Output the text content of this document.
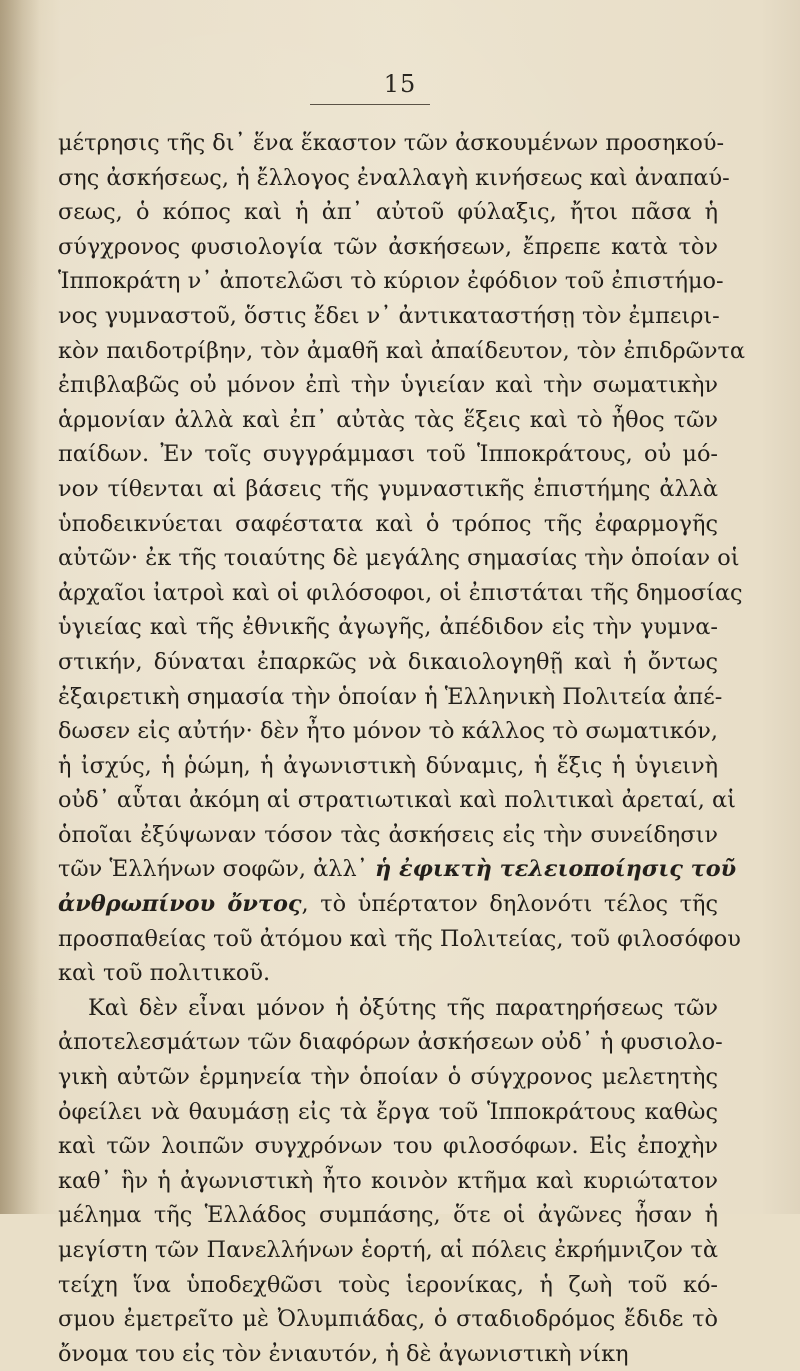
15
μέτρησις τῆς δι᾽ ἕνα ἕκαστον τῶν ἀσκουμένων προσηκού-
σης ἀσκήσεως, ἡ ἔλλογος ἐναλλαγὴ κινήσεως καὶ ἀναπαύ-
σεως, ὁ κόπος καὶ ἡ ἀπ᾽ αὐτοῦ φύλαξις, ἤτοι πᾶσα ἡ
σύγχρονος φυσιολογία τῶν ἀσκήσεων, ἔπρεπε κατὰ τὸν
Ἱπποκράτη ν᾽ ἀποτελῶσι τὸ κύριον ἐφόδιον τοῦ ἐπιστήμο-
νος γυμναστοῦ, ὅστις ἔδει ν᾽ ἀντικαταστήσῃ τὸν ἐμπειρι-
κὸν παιδοτρίβην, τὸν ἀμαθῆ καὶ ἀπαίδευτον, τὸν ἐπιδρῶντα
ἐπιβλαβῶς οὐ μόνον ἐπὶ τὴν ὑγιείαν καὶ τὴν σωματικὴν
ἁρμονίαν ἀλλὰ καὶ ἐπ᾽ αὐτὰς τὰς ἕξεις καὶ τὸ ἦθος τῶν
παίδων. Ἐν τοῖς συγγράμμασι τοῦ Ἱπποκράτους, οὐ μό-
νον τίθενται αἱ βάσεις τῆς γυμναστικῆς ἐπιστήμης ἀλλὰ
ὑποδεικνύεται σαφέστατα καὶ ὁ τρόπος τῆς ἐφαρμογῆς
αὐτῶν· ἐκ τῆς τοιαύτης δὲ μεγάλης σημασίας τὴν ὁποίαν οἱ
ἀρχαῖοι ἰατροὶ καὶ οἱ φιλόσοφοι, οἱ ἐπιστάται τῆς δημοσίας
ὑγιείας καὶ τῆς ἐθνικῆς ἀγωγῆς, ἀπέδιδον εἰς τὴν γυμνα-
στικήν, δύναται ἐπαρκῶς νὰ δικαιολογηθῇ καὶ ἡ ὄντως
ἐξαιρετικὴ σημασία τὴν ὁποίαν ἡ Ἑλληνικὴ Πολιτεία ἀπέ-
δωσεν εἰς αὐτήν· δὲν ἦτο μόνον τὸ κάλλος τὸ σωματικόν,
ἡ ἰσχύς, ἡ ῥώμη, ἡ ἀγωνιστικὴ δύναμις, ἡ ἕξις ἡ ὑγιεινὴ
οὐδ᾽ αὗται ἀκόμη αἱ στρατιωτικαὶ καὶ πολιτικαὶ ἀρεταί, αἱ
ὁποῖαι ἐξύψωναν τόσον τὰς ἀσκήσεις εἰς τὴν συνείδησιν
τῶν Ἑλλήνων σοφῶν, ἀλλ᾽ ἡ ἐφικτὴ τελειοποίησις τοῦ
ἀνθρωπίνου ὄντος, τὸ ὑπέρτατον δηλονότι τέλος τῆς
προσπαθείας τοῦ ἀτόμου καὶ τῆς Πολιτείας, τοῦ φιλοσόφου
καὶ τοῦ πολιτικοῦ.
Καὶ δὲν εἶναι μόνον ἡ ὀξύτης τῆς παρατηρήσεως τῶν
ἀποτελεσμάτων τῶν διαφόρων ἀσκήσεων οὐδ᾽ ἡ φυσιολο-
γικὴ αὐτῶν ἑρμηνεία τὴν ὁποίαν ὁ σύγχρονος μελετητὴς
ὀφείλει νὰ θαυμάσῃ εἰς τὰ ἔργα τοῦ Ἱπποκράτους καθὼς
καὶ τῶν λοιπῶν συγχρόνων του φιλοσόφων. Εἰς ἐποχὴν
καθ᾽ ἣν ἡ ἀγωνιστικὴ ἦτο κοινὸν κτῆμα καὶ κυριώτατον
μέλημα τῆς Ἑλλάδος συμπάσης, ὅτε οἱ ἀγῶνες ἦσαν ἡ
μεγίστη τῶν Πανελλήνων ἑορτή, αἱ πόλεις ἐκρήμνιζον τὰ
τείχη ἵνα ὑποδεχθῶσι τοὺς ἱερονίκας, ἡ ζωὴ τοῦ κό-
σμου ἐμετρεῖτο μὲ Ὀλυμπιάδας, ὁ σταδιοδρόμος ἔδιδε τὸ
ὄνομα του εἰς τὸν ἐνιαυτόν, ἡ δὲ ἀγωνιστικὴ νίκη
